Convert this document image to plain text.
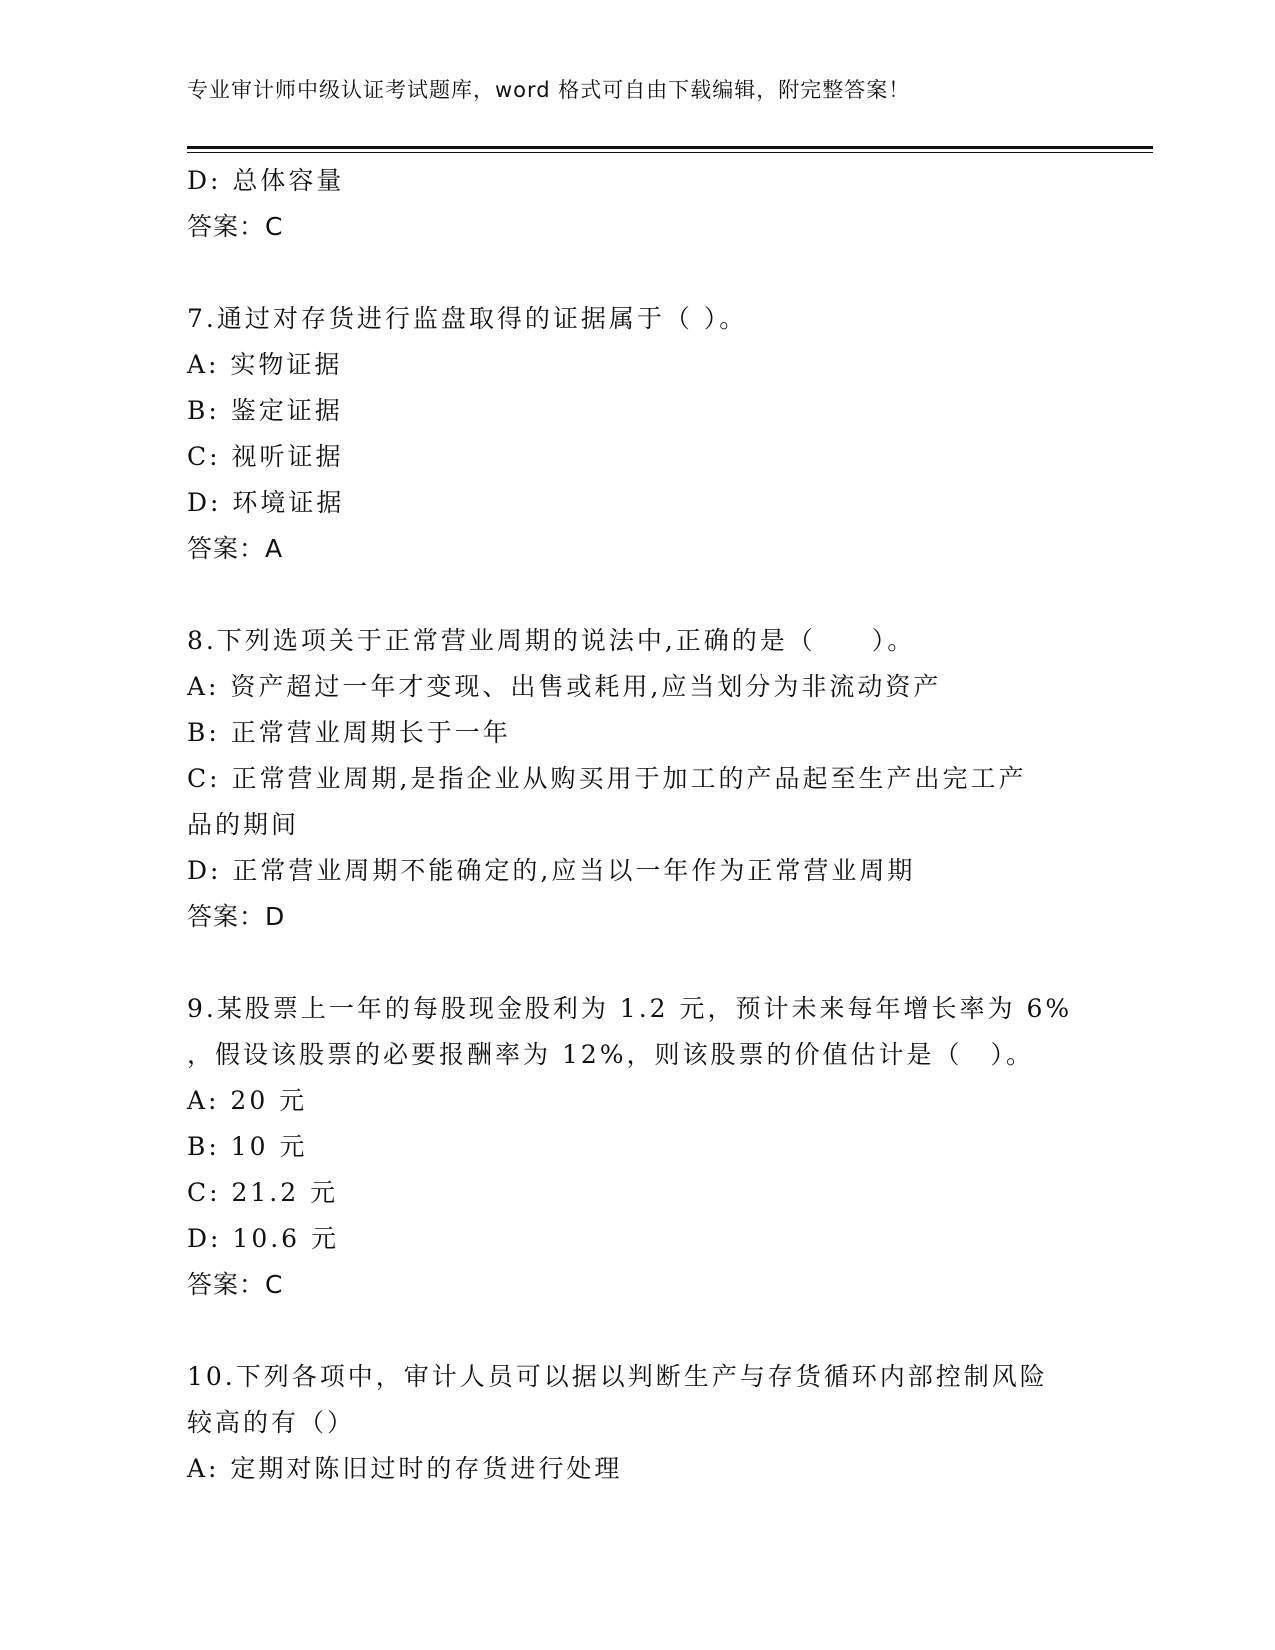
专业审计师中级认证考试题库，word 格式可自由下载编辑，附完整答案！
D: 总体容量
答案：C
7.通过对存货进行监盘取得的证据属于（ ）。
A: 实物证据
B: 鉴定证据
C: 视听证据
D: 环境证据
答案：A
8.下列选项关于正常营业周期的说法中,正确的是（　　）。
A: 资产超过一年才变现、出售或耗用,应当划分为非流动资产
B: 正常营业周期长于一年
C: 正常营业周期,是指企业从购买用于加工的产品起至生产出完工产
品的期间
D: 正常营业周期不能确定的,应当以一年作为正常营业周期
答案：D
9.某股票上一年的每股现金股利为 1.2 元，预计未来每年增长率为 6%
，假设该股票的必要报酬率为 12%，则该股票的价值估计是（　）。
A: 20 元
B: 10 元
C: 21.2 元
D: 10.6 元
答案：C
10.下列各项中，审计人员可以据以判断生产与存货循环内部控制风险
较高的有（）
A: 定期对陈旧过时的存货进行处理
